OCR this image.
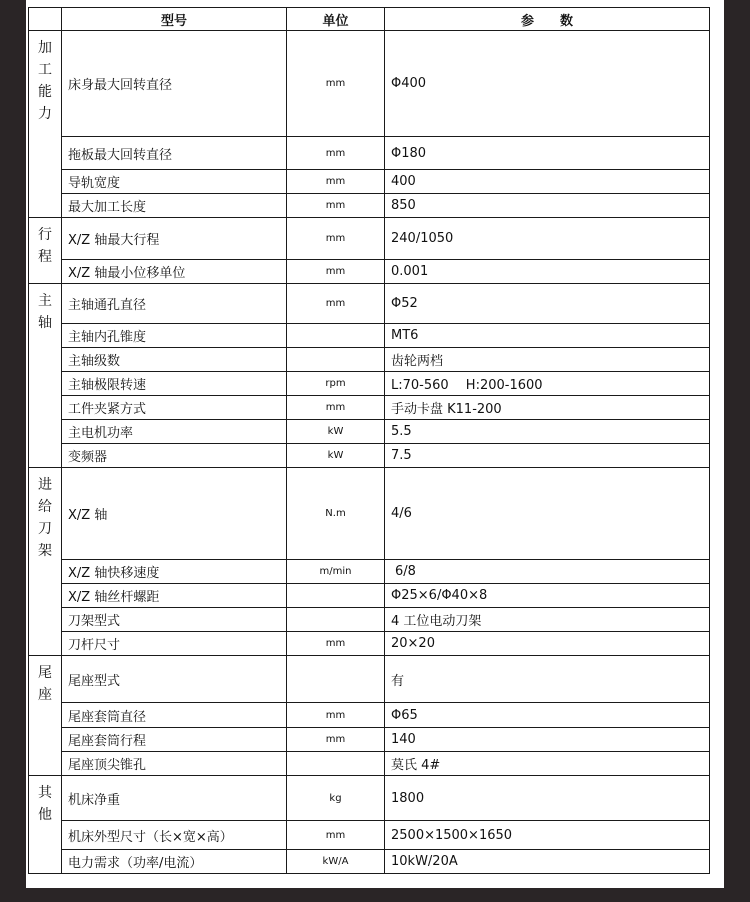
	型号	单位	参　　数

加工能力	床身最大回转直径	mm	Φ400
	拖板最大回转直径	mm	Φ180
	导轨宽度	mm	400
	最大加工长度	mm	850

行程	X/Z 轴最大行程	mm	240/1050
	X/Z 轴最小位移单位	mm	0.001

主轴	主轴通孔直径	mm	Φ52
	主轴内孔锥度		MT6
	主轴级数		齿轮两档
	主轴极限转速	rpm	L:70-560　 H:200-1600
	工件夹紧方式	mm	手动卡盘 K11-200
	主电机功率	kW	5.5
	变频器	kW	7.5

进给刀架	X/Z 轴	N.m	4/6
	X/Z 轴快移速度	m/min	6/8
	X/Z 轴丝杆螺距		Φ25×6/Φ40×8
	刀架型式		4 工位电动刀架
	刀杆尺寸	mm	20×20

尾座	尾座型式		有
	尾座套筒直径	mm	Φ65
	尾座套筒行程	mm	140
	尾座顶尖锥孔		莫氏 4#

其他	机床净重	kg	1800
	机床外型尺寸（长×宽×高）	mm	2500×1500×1650
	电力需求（功率/电流）	kW/A	10kW/20A
